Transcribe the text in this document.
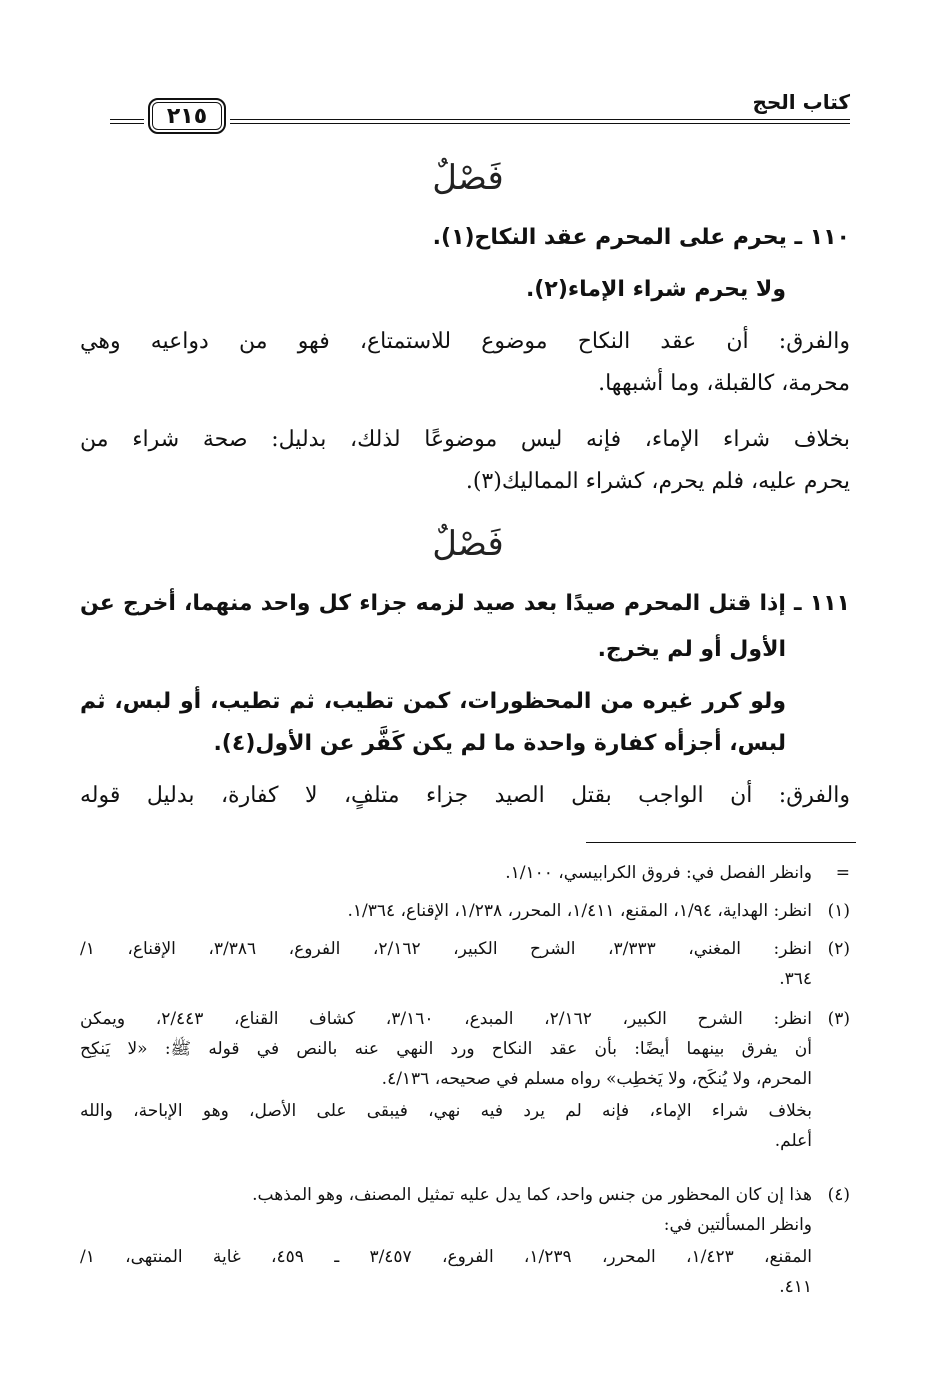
كتاب الحج
٢١٥
فَصْلٌ
١١٠ ـ يحرم على المحرم عقد النكاح(١).
ولا يحرم شراء الإماء(٢).
والفرق: أن عقد النكاح موضوع للاستمتاع، فهو من دواعيه وهي
محرمة، كالقبلة، وما أشبهها.
بخلاف شراء الإماء، فإنه ليس موضوعًا لذلك، بدليل: صحة شراء من
يحرم عليه، فلم يحرم، كشراء المماليك(٣).
فَصْلٌ
١١١ ـ إذا قتل المحرم صيدًا بعد صيد لزمه جزاء كل واحد منهما، أخرج عن
الأول أو لم يخرج.
ولو كرر غيره من المحظورات، كمن تطيب، ثم تطيب، أو لبس، ثم
لبس، أجزأه كفارة واحدة ما لم يكن كَفَّر عن الأول(٤).
والفرق: أن الواجب بقتل الصيد جزاء متلفٍ، لا كفارة، بدليل قوله
=
وانظر الفصل في: فروق الكرابيسي، ١/١٠٠.
(١)
انظر: الهداية، ١/٩٤، المقنع، ١/٤١١، المحرر، ١/٢٣٨، الإقناع، ١/٣٦٤.
(٢)
انظر: المغني، ٣/٣٣٣، الشرح الكبير، ٢/١٦٢، الفروع، ٣/٣٨٦، الإقناع، ١/
٣٦٤.
(٣)
انظر: الشرح الكبير، ٢/١٦٢، المبدع، ٣/١٦٠، كشاف القناع، ٢/٤٤٣، ويمكن
أن يفرق بينهما أيضًا: بأن عقد النكاح ورد النهي عنه بالنص في قوله ﷺ: «لا يَنكِح
المحرم، ولا يُنكَح، ولا يَخطِب» رواه مسلم في صحيحه، ٤/١٣٦.
بخلاف شراء الإماء، فإنه لم يرد فيه نهي، فيبقى على الأصل، وهو الإباحة، والله
أعلم.
(٤)
هذا إن كان المحظور من جنس واحد، كما يدل عليه تمثيل المصنف، وهو المذهب.
وانظر المسألتين في:
المقنع، ١/٤٢٣، المحرر، ١/٢٣٩، الفروع، ٣/٤٥٧ ـ ٤٥٩، غاية المنتهى، ١/
٤١١.
